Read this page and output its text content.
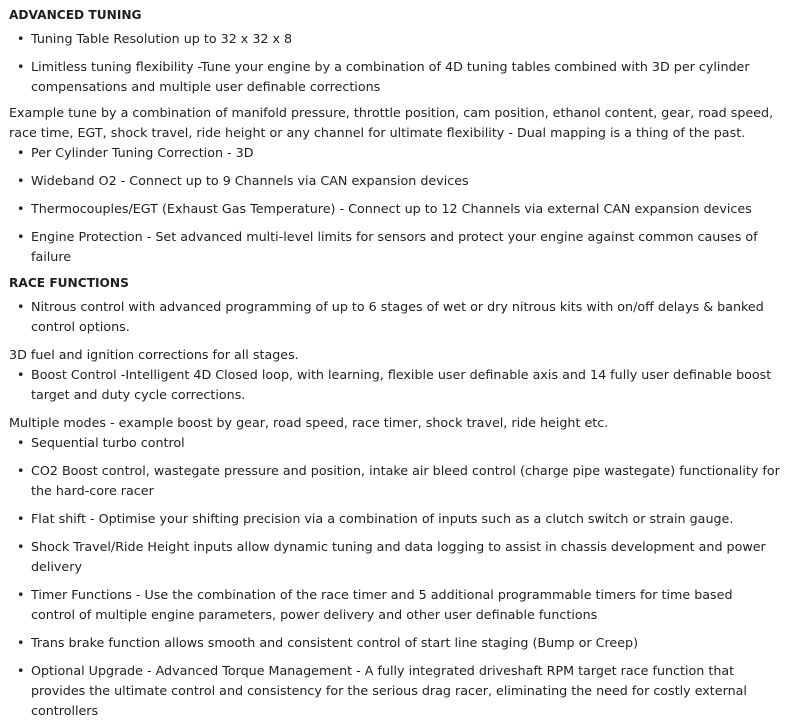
ADVANCED TUNING
• Tuning Table Resolution up to 32 x 32 x 8
• Limitless tuning flexibility -Tune your engine by a combination of 4D tuning tables combined with 3D per cylinder compensations and multiple user definable corrections

Example tune by a combination of manifold pressure, throttle position, cam position, ethanol content, gear, road speed, race time, EGT, shock travel, ride height or any channel for ultimate flexibility - Dual mapping is a thing of the past.

• Per Cylinder Tuning Correction - 3D
• Wideband O2 - Connect up to 9 Channels via CAN expansion devices
• Thermocouples/EGT (Exhaust Gas Temperature) - Connect up to 12 Channels via external CAN expansion devices
• Engine Protection - Set advanced multi-level limits for sensors and protect your engine against common causes of failure
RACE FUNCTIONS
• Nitrous control with advanced programming of up to 6 stages of wet or dry nitrous kits with on/off delays & banked control options.

3D fuel and ignition corrections for all stages.

• Boost Control -Intelligent 4D Closed loop, with learning, flexible user definable axis and 14 fully user definable boost target and duty cycle corrections.

Multiple modes - example boost by gear, road speed, race timer, shock travel, ride height etc.

• Sequential turbo control
• CO2 Boost control, wastegate pressure and position, intake air bleed control (charge pipe wastegate) functionality for the hard-core racer
• Flat shift - Optimise your shifting precision via a combination of inputs such as a clutch switch or strain gauge.
• Shock Travel/Ride Height inputs allow dynamic tuning and data logging to assist in chassis development and power delivery
• Timer Functions - Use the combination of the race timer and 5 additional programmable timers for time based control of multiple engine parameters, power delivery and other user definable functions
• Trans brake function allows smooth and consistent control of start line staging (Bump or Creep)
• Optional Upgrade - Advanced Torque Management - A fully integrated driveshaft RPM target race function that provides the ultimate control and consistency for the serious drag racer, eliminating the need for costly external controllers
